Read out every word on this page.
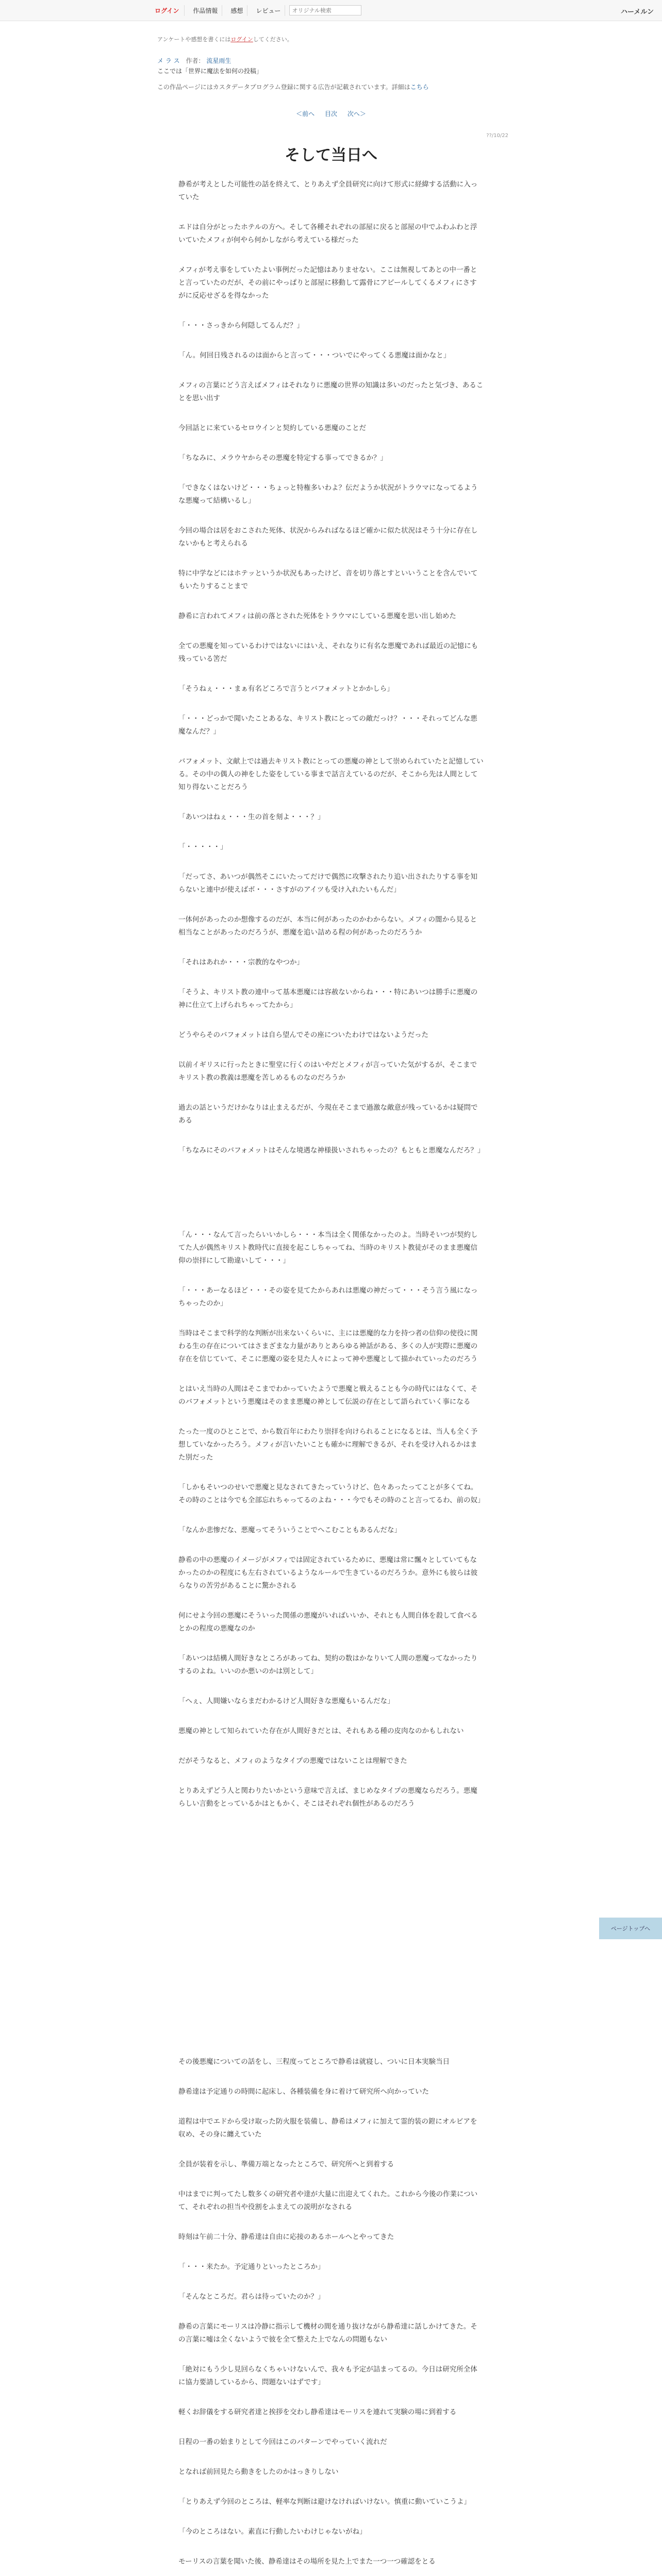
ログイン	作品情報	感想	レビュー
オリジナル検索	ハーメルン
アンケートや感想を書くにはログインしてください。
メ ラ ス 作者： 流星雨生
ここでは「世界に魔法を如何の投稿」
この作品ページにはカスタデータプログラム登録に関する広告が記載されています。詳細はこちら
＜前へ 目次 次へ＞
??/10/22
そして当日へ

静希が考えとした可能性の話を終えて、とりあえず全員研究に向けて形式に経緯する活動に入っていた

エドは自分がとったホテルの方へ。そして各種それぞれの部屋に戻ると部屋の中でふわふわと浮いていたメフィが何やら何かしながら考えている様だった

メフィが考え事をしていたよい事例だった記憶はありませない。ここは無視してあとの中一番とと言っていたのだが、その前にやっぱりと部屋に移動して露骨にアピールしてくるメフィにさすがに反応せざるを得なかった

「・・・さっきから何隠してるんだ？」

「ん。何回日残されるのは面からと言って・・・ついでにやってくる悪魔は面かなと」

メフィの言葉にどう言えばメフィはそれなりに悪魔の世界の知識は多いのだったと気づき、あることを思い出す

今回話とに来ているセロウインと契約している悪魔のことだ

「ちなみに、メラウヤからその悪魔を特定する事ってできるか？」

「できなくはないけど・・・ちょっと特権多いわよ？伝だようか状況がトラウマになってるような悪魔って結構いるし」

今回の場合は居をおこされた死体、状況からみればなるほど確かに似た状況はそう十分に存在しないかもと考えられる

特に中学などにはホテッというか状況もあったけど、音を切り落とすといいうことを含んでいてもいたりすることまで

静希に言われてメフィは前の落とされた死体をトラウマにしている悪魔を思い出し始めた

全ての悪魔を知っているわけではないにはいえ、それなりに有名な悪魔であれば最近の記憶にも残っている筈だ

「そうねぇ・・・まぁ有名どころで言うとバフォメットとかかしら」

「・・・どっかで聞いたことあるな、キリスト教にとっての敵だっけ？・・・それってどんな悪魔なんだ？」

バフォメット、文献上では過去キリスト教にとっての悪魔の神として崇められていたと記憶している。その中の偶人の神をした姿をしている事まで話言えているのだが、そこから先は人間として知り得ないことだろう

「あいつはねぇ・・・生の首を刻よ・・・？」

「・・・・・」

「だってさ、あいつが偶然そこにいたってだけで偶然に攻撃されたり追い出されたりする事を知らないと連中が使えばボ・・・さすがのアイツも受け入れたいもんだ」

一体何があったのか想像するのだが、本当に何があったのかわからない。メフィの闇から見ると相当なことがあったのだろうが、悪魔を追い詰める程の何があったのだろうか

「それはあれか・・・宗教的なやつか」

「そうよ、キリスト教の連中って基本悪魔には容赦ないからね・・・特にあいつは勝手に悪魔の神に仕立て上げられちゃってたから」

どうやらそのバフォメットは自ら望んでその座についたわけではないようだった

以前イギリスに行ったときに聖堂に行くのはいやだとメフィが言っていた気がするが、そこまでキリスト教の教義は悪魔を苦しめるものなのだろうか

過去の話というだけかなりは止まえるだが、今現在そこまで過激な敵意が残っているかは疑問である

「ちなみにそのバフォメットはそんな境遇な神様扱いされちゃったの？もともと悪魔なんだろ？」

「ん・・・なんて言ったらいいかしら・・・本当は全く関係なかったのよ。当時そいつが契約してた人が偶然キリスト教時代に直接を起こしちゃってね、当時のキリスト教徒がそのまま悪魔信仰の崇拝にして勘違いして・・・」

「・・・あーなるほど・・・その姿を見てたからあれは悪魔の神だって・・・そう言う風になっちゃったのか」

当時はそこまで科学的な判断が出来ないくらいに、主には悪魔的な力を持つ者の信仰の使役に関わる生の存在についてはさまざまな力量がありとあらゆる神話がある、多くの人が実際に悪魔の存在を信じていて、そこに悪魔の姿を見た人々によって神や悪魔として描かれていったのだろう

とはいえ当時の人間はそこまでわかっていたようで悪魔と戦えることも今の時代にはなくて、そのバフォメットという悪魔はそのまま悪魔の神として伝説の存在として語られていく事になる

たった一度のひとことで、から数百年にわたり崇拝を向けられることになるとは、当人も全く予想していなかったろう。メフィが言いたいことも確かに理解できるが、それを受け入れるかはまた別だった

「しかもそいつのせいで悪魔と見なされてきたっていうけど、色々あったってことが多くてね。その時のことは今でも全部忘れちゃってるのよね・・・今でもその時のこと言ってるわ、前の奴」

「なんか悲惨だな、悪魔ってそういうことでへこむこともあるんだな」

静希の中の悪魔のイメージがメフィでは固定されているために、悪魔は常に飄々としていてもなかったのかの程度にも左右されているようなルールで生きているのだろうか。意外にも彼らは彼らなりの苦労があることに驚かされる

何にせよ今回の悪魔にそういった関係の悪魔がいればいいか、それとも人間自体を殺して食べるとかの程度の悪魔なのか

「あいつは結構人間好きなところがあってね、契約の数はかなりいて人間の悪魔ってなかったりするのよね。いいのか悪いのかは別として」

「へぇ、人間嫌いならまだわかるけど人間好きな悪魔もいるんだな」

悪魔の神として知られていた存在が人間好きだとは、それもある種の皮肉なのかもしれない

だがそうなると、メフィのようなタイプの悪魔ではないことは理解できた

とりあえずどう人と関わりたいかという意味で言えば、まじめなタイプの悪魔ならだろう。悪魔らしい言動をとっているかはともかく、そこはそれぞれ個性があるのだろう

ページトップへ

その後悪魔についての話をし、三程度ってところで静希は就寝し、ついに日本実験当日

静希達は予定通りの時間に起床し、各種装備を身に着けて研究所へ向かっていた

道程は中でエドから受け取った防火服を装備し、静希はメフィに加えて霊的装の鎧にオルビアを収め、その身に纏えていた

全員が装着を示し、準備万端となったところで、研究所へと到着する

中はまでに判ってたし数多くの研究者や達が大量に出迎えてくれた。これから今後の作業について、それぞれの担当や役割をふまえての説明がなされる

時刻は午前二十分、静希達は自由に応接のあるホールへとやってきた

「・・・来たか。予定通りといったところか」

「そんなところだ。君らは待っていたのか？」

静希の言葉にモーリスは冷静に指示して機材の間を通り抜けながら静希達に話しかけてきた。その言葉に嘘は全くないようで彼を全て整えた上でなんの問題もない

「絶対にもう少し見回らなくちゃいけないんで、我々も予定が詰まってるの。今日は研究所全体に協力要請しているから、問題ないはずです」

軽くお辞儀をする研究者達と挨拶を交わし静希達はモーリスを連れて実験の場に到着する

日程の一番の始まりとして今回はこのパターンでやっていく流れだ

となれば前回見たら動きをしたのかはっきりしない

「とりあえず今回のところは、軽率な判断は避けなければいけない。慎重に動いていこうよ」

「今のところはない。素直に行動したいわけじゃないがね」

モーリスの言葉を聞いた後、静希達はその場所を見た上でまた一つ一つ確認をとる
